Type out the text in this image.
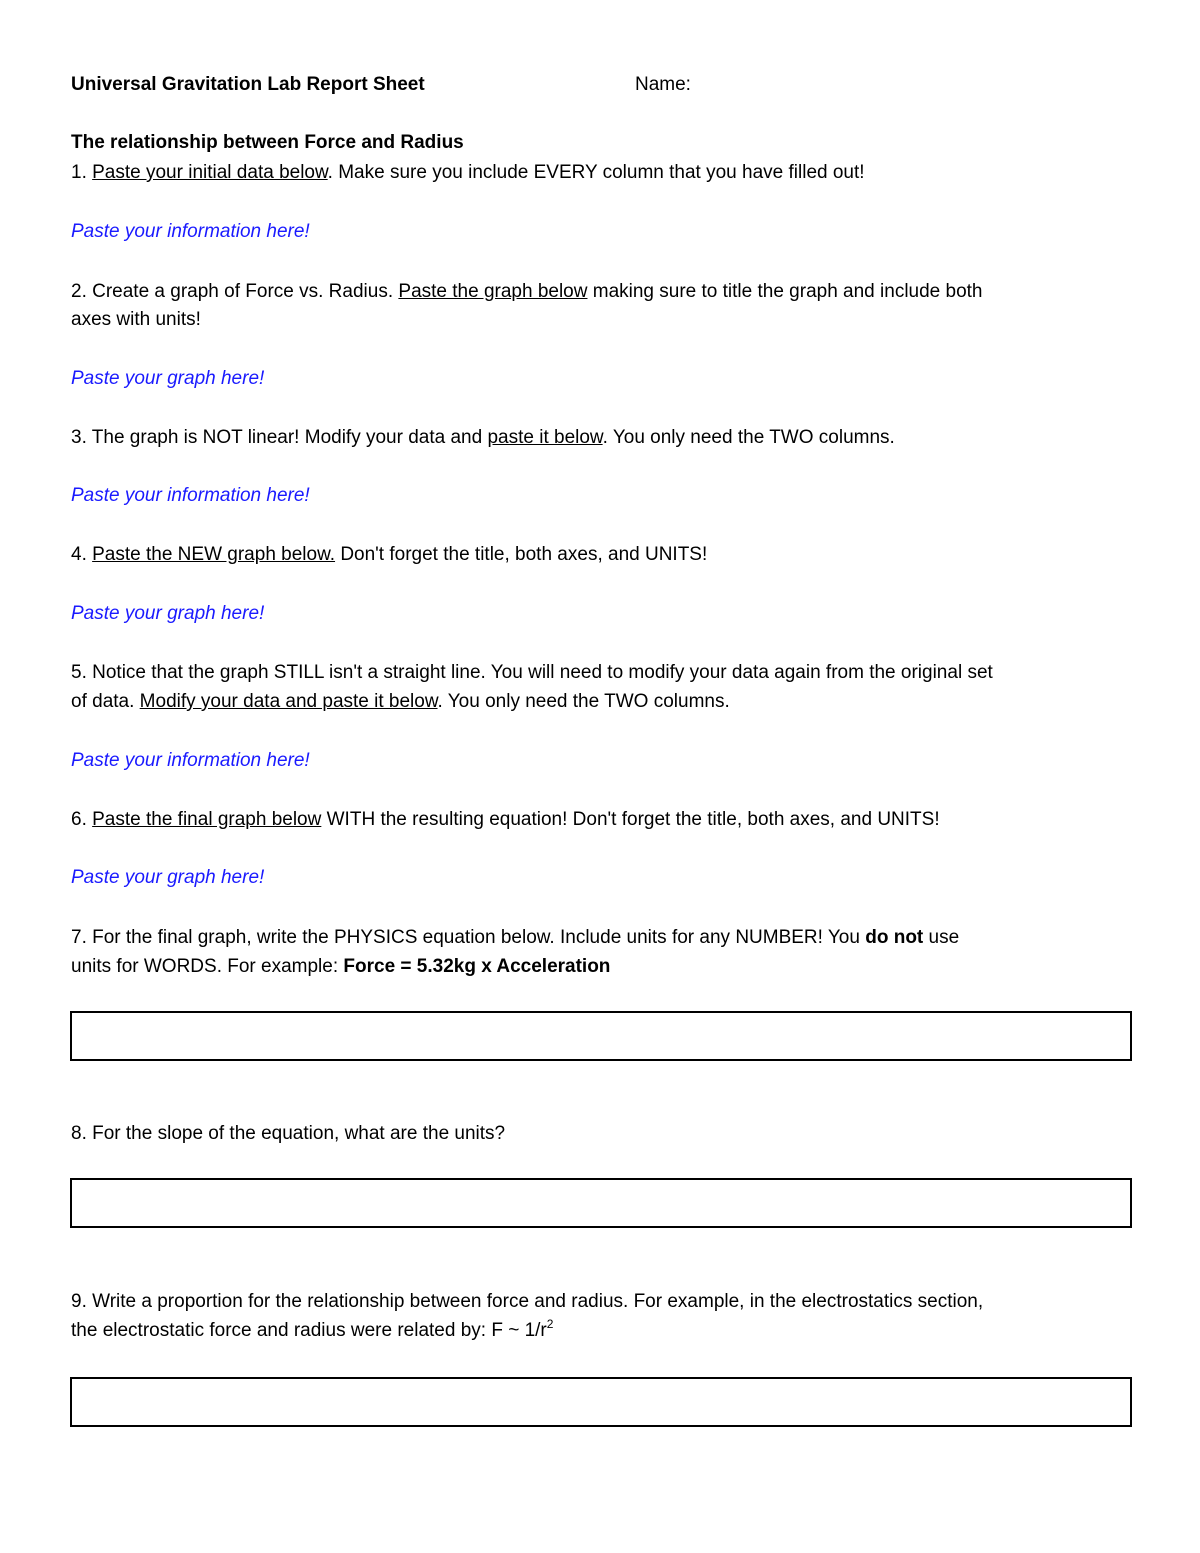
Universal Gravitation Lab Report Sheet	Name:
The relationship between Force and Radius
1. Paste your initial data below. Make sure you include EVERY column that you have filled out!
Paste your information here!
2. Create a graph of Force vs. Radius. Paste the graph below making sure to title the graph and include both
axes with units!
Paste your graph here!
3. The graph is NOT linear! Modify your data and paste it below. You only need the TWO columns.
Paste your information here!
4. Paste the NEW graph below. Don't forget the title, both axes, and UNITS!
Paste your graph here!
5. Notice that the graph STILL isn't a straight line. You will need to modify your data again from the original set
of data. Modify your data and paste it below. You only need the TWO columns.
Paste your information here!
6. Paste the final graph below WITH the resulting equation! Don't forget the title, both axes, and UNITS!
Paste your graph here!
7. For the final graph, write the PHYSICS equation below. Include units for any NUMBER! You do not use
units for WORDS. For example: Force = 5.32kg x Acceleration
8. For the slope of the equation, what are the units?
9. Write a proportion for the relationship between force and radius. For example, in the electrostatics section,
the electrostatic force and radius were related by: F ~ $1/r^2$
